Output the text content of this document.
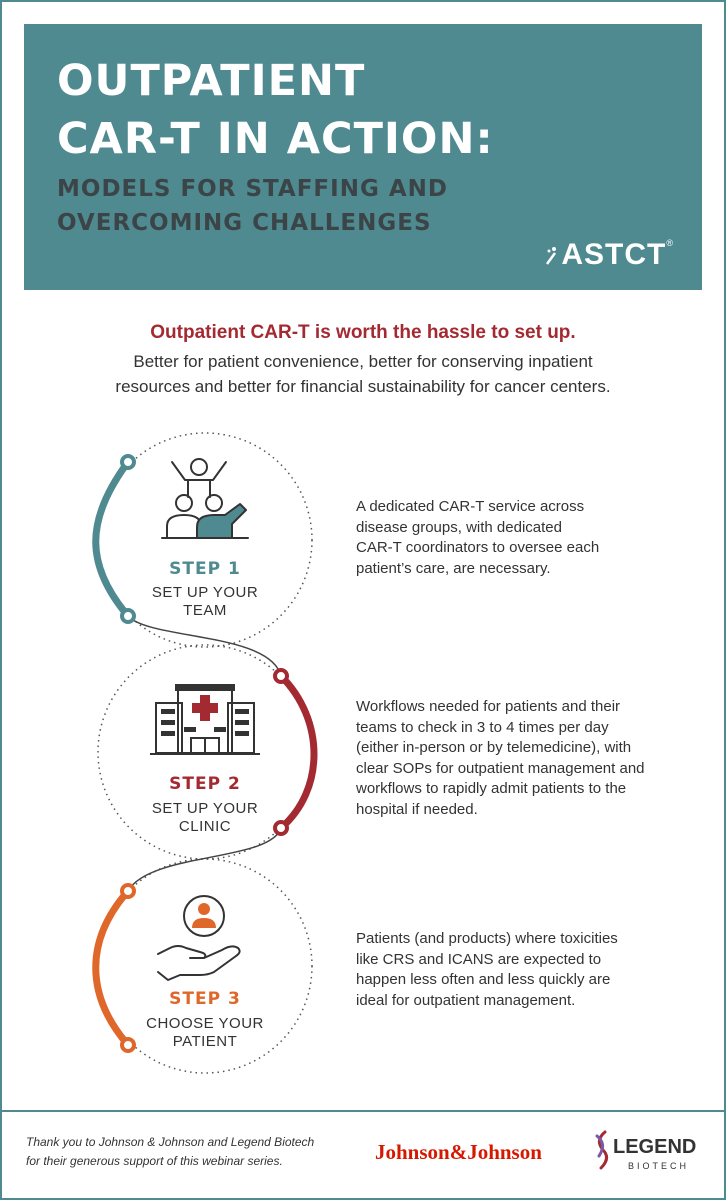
OUTPATIENT
CAR-T IN ACTION:
MODELS FOR STAFFING AND
OVERCOMING CHALLENGES
ASTCT®
Outpatient CAR-T is worth the hassle to set up.
Better for patient convenience, better for conserving inpatient
resources and better for financial sustainability for cancer centers.
STEP 1
SET UP YOUR
TEAM
A dedicated CAR-T service across
disease groups, with dedicated
CAR-T coordinators to oversee each
patient’s care, are necessary.
STEP 2
SET UP YOUR
CLINIC
Workflows needed for patients and their
teams to check in 3 to 4 times per day
(either in-person or by telemedicine), with
clear SOPs for outpatient management and
workflows to rapidly admit patients to the
hospital if needed.
STEP 3
CHOOSE YOUR
PATIENT
Patients (and products) where toxicities
like CRS and ICANS are expected to
happen less often and less quickly are
ideal for outpatient management.
Thank you to Johnson & Johnson and Legend Biotech
for their generous support of this webinar series.	Johnson&Johnson	LEGEND
BIOTECH
